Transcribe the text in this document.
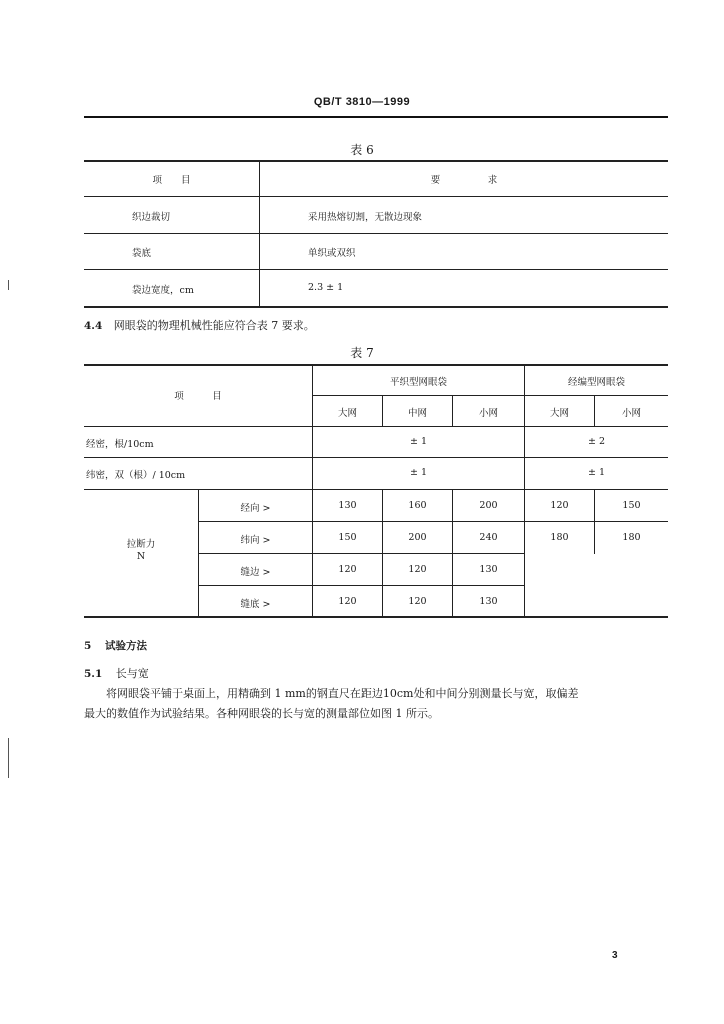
QB/T 3810—1999
表 6
项　　目	要　　　　　求
织边裁切	采用热熔切割，无散边现象
袋底	单织或双织
袋边宽度，cm	2.3 ± 1
4.4 网眼袋的物理机械性能应符合表 7 要求。
表 7
项　　　目
平织型网眼袋	经编型网眼袋
大网	中网	小网	大网	小网
经密，根/10cm	± 1	± 2
纬密，双（根）/ 10cm	± 1	± 1
拉断力
N
经向 >	130	160	200	120	150
纬向 >	150	200	240	180	180
缝边 >	120	120	130
缝底 >	120	120	130
5 试验方法
5.1 长与宽
将网眼袋平铺于桌面上，用精确到 1 mm的钢直尺在距边10cm处和中间分别测量长与宽，取偏差
最大的数值作为试验结果。各种网眼袋的长与宽的测量部位如图 1 所示。
3
